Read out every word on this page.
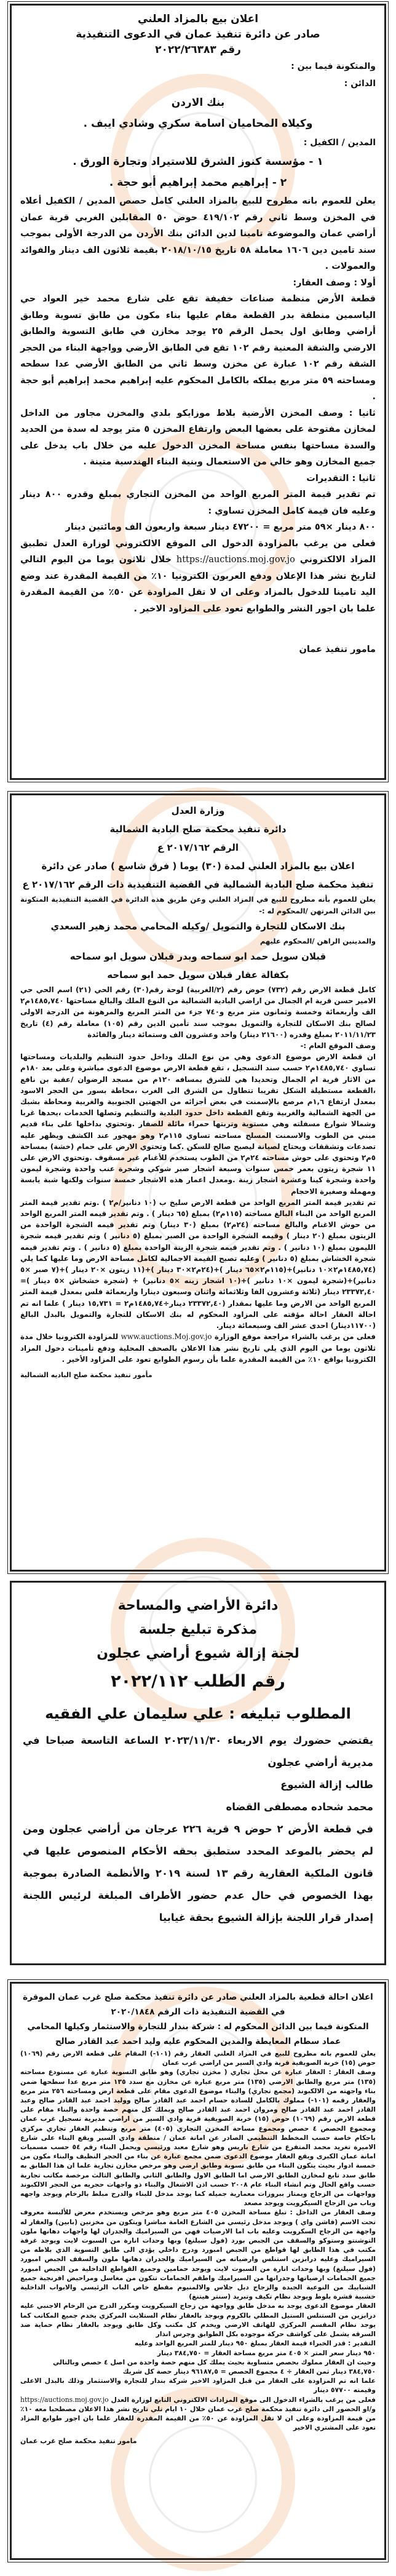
اعلان بيع بالمزاد العلني
صادر عن دائرة تنفيذ عمان في الدعوى التنفيذية
رقم ٢٠٢٢/٢٦٣٨٣
والمتكونة فيما بين :
الدائن :
بنك الاردن
وكيلاه المحاميان اسامة سكري وشادي ايبف .
المدين / الكفيل :
١ - مؤسسة كنوز الشرق للاستيراد وتجارة الورق .
٢ - إبراهيم محمد إبراهيم أبو حجة .

يعلن للعموم بانه مطروح للبيع بالمزاد العلني كامل حصص المدين / الكفيل أعلاه في المخزن وسط ثاني رقم ٤١٩/١٠٢ حوض ٥٠ المقابلين الغربي قرية عمان أراضي عمان والموضوعة تامينا لدين الدائن بنك الأردن من الدرجة الأولى بموجب سند تامين دين ١٦٠٦ معاملة ٥٨ تاريخ ٢٠١٨/١٠/١٥ بقيمة ثلاثون الف دينار والفوائد والعمولات .

أولا : وصف العقار:

قطعة الأرض منظمة صناعات خفيفة تقع على شارع محمد خير العواد حي الياسمين منطقة بدر القطعة مقام عليها بناء مكون من طابق تسوية وطابق أراضي وطابق اول يحمل الرقم ٢٥ يوجد مخازن في طابق التسوية والطابق الارضي والشقة المعنية رقم ١٠٢ تقع في الطابق الأرضي وواجهة البناء من الحجر الشقة رقم ١٠٢ عبارة عن مخزن وسط ثاني من الطابق الأرضي عدا سطحه ومساحته ٥٩ متر مربع يملكه بالكامل المحكوم عليه إبراهيم محمد إبراهيم أبو حجة .

ثانيا : وصف المخزن الأرضية بلاط موزايكو بلدي والمخزن مجاور من الداخل لمخازن مفتوحة على بعضها البعض وارتفاع المخزن ٥ متر يوجد له سدة من الحديد والسدة مساحتها بنفس مساحة المخزن الدخول عليه من خلال باب يدخل على جميع المخازن وهو خالي من الاستعمال وبنية البناء الهندسية متينة .

ثانيا : التقديرات

تم تقدير قيمة المتر المربع الواحد من المخزن التجاري بمبلغ وقدره ٨٠٠ دينار وعليه فان قيمة كامل المخزن تساوي :

٨٠٠ دينار ×٥٩ متر مربع = ٤٧٢٠٠ دينار سبعة واربعون الف ومائتين دينار

فعلى من يرغب بالمزاودة الدخول الى الموقع الالكتروني لوزارة العدل تطبيق المزاد الالكتروني https://auctions.moj.gov.jo خلال ثلاثون يوما من اليوم التالي لتاريخ نشر هذا الإعلان ودفع العربون الكترونيا ١٠٪ من القيمة المقدرة عند وضع اليد تامينا للدخول بالمزاد وعلى ان لا تقل المزاودة عن ٥٠٪ من القيمة المقدرة علما بان اجور النشر والطوابع تعود على المزاود الاخير .

مامور تنفيذ عمان

وزارة العدل
دائرة تنفيذ محكمة صلح البادية الشمالية
الرقم ٢٠١٧/١٦٢ ع
اعلان بيع بالمزاد العلني لمدة (٣٠) يوما ( فرق شاسع ) صادر عن دائرة
تنفيذ محكمة صلح البادية الشمالية في القضية التنفيذية ذات الرقم ٢٠١٧/١٦٢ ع

يعلن للعموم بأنه مطروح للبيع في المزاد العلني وعن طريق هذه الدائرة في القضية التنفيذية المتكونة بين الدائن المرتهن /المحكوم له :-

بنك الاسكان للتجارة والتمويل /وكيله المحامي محمد زهير السعدي

والمدينين الراهن /المحكوم عليهم

قبلان سويل حمد ابو سماحه وبدر قبلان سويل ابو سماحه
بكفالة عقار قبلان سويل حمد ابو سماحه

كامل قطعة الارض رقم (٧٣٢) حوض رقم (٢/الغربية) لوحة رقم(٣٠) رقم الحي (٢١) اسم الحي حي الامير حسن قرية ام الجمال من اراضي البادية الشمالية من النوع الملك والبالغ مساحتها ١٤٨٥,٧٤٠م٢ الف وأربعمائة وخمسة وثمانون متر مربع و٧٤٠ جزء من المتر المربع والمرهونة من الدرجة الاولى لصالح بنك الاسكان للتجارة والتمويل بموجب سند تأمين الدين رقم (١٠٥) معاملة رقم (٤) تاريخ ٢٠١١/١١/٢٣ بمبلغ وقدره (٢١٦٠٠ دينار) واحد وعشرون الف وستمائة دينار والفائدة

وصف الموقع العام :-

ان قطعة الارض موضوع الدعوى وهي من نوع الملك وداخل حدود التنظيم والبلديات ومساحتها تساوي ١٤٨٥,٧٤٠م٢ حسب سند التسجيل ، تقع قطعة الارض موضوع الدعوى مباشرة وعلى بعد ١٨٠م من الاثار قرية ام الجمال وتحديدا هي للشرق بمسافه ١٢٠م من مسجد الرضوان /عقبة بن نافع ،القطعة مستطيلة الشكل تقريبا تتطاول من الشرق الى الغرب ،محاطة بسور من الحجر الاسود بمعدل ارتفاع ١,٦م مرصع بالإسمنت في بعض أجزائه من الجهتين الجنوبية والغربية ومحاطة بشبك من الجهة الشمالية والغربية وتقع القطعة داخل حدود البلدية والتنظيم وتصلها الخدمات ،يحدها غربا وشمالا شوارع مسفلته وهي مستوية وتربتها حمراء مائلة للصفار .وتحتوي بداخلها على بناء قديم مبني من الطوب والاسمنت المسلح مساحته تساوي ١١٥م٢ وهو مهجور عند الكشف ويظهر عليه تصدعات وتشققات ويحتاج لصيانة ليصبح صالح للسكن .كما وتحتوي الارض على حمام (خشة) بمساحة ٥م٢ وتحتوي على حوش مساحته ٢٤م٢ من الطوب يستخدم للأغنام غير مسقوف .وتحتوي الارض على ١١ شجرة زيتون بعمر خمس سنوات وسبعة اشجار صبر شوكي وشجرة عنب واحدة وشجرة ليمون واحدة وشجرة كينا وعشرة اشجار زينة .ومعدل اعمار هذه الاشجار خمسة سنوات ولكنها شبة يابسة ومهملة وصغيرة الاحجام

تم تقدير قيمة المتر المربع الواحد من قطعة الارض سليخ ب (١٠ دنانير/م٢ ) .وتم تقدير قيمة المتر المربع الواحد من البناء البالغ مساحته (١١٥م٢) بمبلغ (٦٥ دينار ) . وتم تقدير قيمه المتر المربع الواحد من حوش الاغنام والبالغ مساحته (٢٤م٢) بمبلغ (٣٠ دينار) وتم تقدير قيمه الشجرة الواحدة من الزيتون بمبلغ (٢٠ دينار ) وقيمه الشجرة الواحدة من الصبر بمبلغ (٥ دنانير ) وتم تقدير قيمه شجرة الليمون بمبلغ (١٠ دنانير ) . وتم تقدير قيمه شجرة الزينة الواحدة بمبلغ (٥ دنانير ) . وتم تقدير قيمه شجرة الخشاش بمبلغ (٥ دنانير ) وعليه تصبح القيمة الاجمالية لكامل مساحة الارض وما عليها كما يلي (١٤٨٥,٧٤م٢×١٠ دنانير)+(١١٥م٢×٦٥ دينار )+(٢٤م٢×٣٠ دينار )+(١١ زيتون ×٢٠ دينار )+(٧ صبر ×٥ دنانير)+(شجرة ليمون ×١٠ دنانير )+(١٠ اشجار زينه ×٥ دنانير) + (شجرة خشخاش ×٥ دينار )= ٢٣٣٧٢,٤٠ دينار (ثلاثة وعشرون الفا وثلاثمائة واثنان وسبعون دينارا واربعمائة فلس بمعدل قيمة المتر المربع الواحد من الارض وما عليها بمقدار (٢٣٣٧٢,٤٠ دينار÷١٤٨٥,٧٤م٢ = ١٥,٧٣١ دينار ) علما انه تم احالة العقار احالة مؤقته على المزاود المحكوم له بنك الاسكان للتجارة والتمويل بالبدل البالغ (١١٧٠٠دينار) احدى عشر الف وسبعمائة دينار.

فعلى من يرغب بالشراء مراجعة موقع الوزارة www.auctions.Moj.gov.jo للمزاودة الكترونيا خلال مدة ثلاثون يوما من اليوم الذي يلي تاريخ نشر هذا الاعلان بالصحف المحلية ودفع تأمينات دخول المزاد الكترونيا بواقع ١٠٪ من القيمة المقدرة علما بأن رسوم الطوابع تعود على المزاود الأخير .

مأمور تنفيذ محكمة صلح الباديه الشمالية
دائرة الأراضي والمساحة
مذكرة تبليغ جلسة
لجنة إزالة شيوع أراضي عجلون
رقم الطلب ٢٠٢٢/١١٢
المطلوب تبليغه : علي سليمان علي الفقيه

يقتضي حضورك يوم الاربعاء ٢٠٢٣/١١/٣٠ الساعة التاسعة صباحا في مديرية أراضي عجلون

طالب إزالة الشيوع

محمد شحاده مصطفى القضاه

في قطعة الأرض ٢ حوض ٩ قرية ٢٢٦ عرجان من أراضي عجلون ومن لم يحضر بالموعد المحدد ستطبق بحقه الأحكام المنصوص عليها في قانون الملكية العقارية رقم ١٣ لسنة ٢٠١٩ والأنظمة الصادرة بموجبة بهذا الخصوص في حال عدم حضور الأطراف المبلغة لرئيس اللجنة إصدار قرار اللجنة بإزالة الشيوع بحقة غيابيا

اعلان احالة قطعية بالمزاد العلني صادر عن دائرة تنفيذ محكمة صلح غرب عمان الموقرة
في القضية التنفيذية ذات الرقم ٢٠٢٠/١٨٤٨
المتكونة فيما بين الدائن المحكوم له : شركة بندار للتجارة والاستثمار وكيلها المحامي عماد سطام المعايطة والمدين المحكوم عليه وليد احمد عبد القادر صالح

يعلن للعموم بانه مطروح للبيع في المزاد العلني العقار رقم (١٠١-) المقام على قطعة الارض رقم (١٠٦٩) حوض (١٥) خربة الصويفية قرية وادي السير من اراضي غرب عمان

وصف العقار : العقار عبارة عن محل تجاري ( مخزن تجاري) وهو طابق التسوية عبارة عن مستودع مساحته (١٣٥) متر مربع والطابق الارضي (١٣٥) متر مربع عبارة عن مخازن مع سدد ١٣٥ متر مربع عدا سطحها ضمن بناء واجهته من الالكبوند (مجمع تجاري) والبناء موضوع الدعوى مقام على قطعة ارض ومساحته ٢٥٦ متر مربع والعقار رقمه (١٠١-) مملوك بالكامل للسادة حسام احمد عبد القادر صالح ووليد احمد عبد القادر صالح وعبد القادر احمد عبد القادر صالح ومروان احمد عبد القادر صالح ويملك كل منهم حصة واحدة والبناء مقام على قطعة الارض رقم (١٠٦٩) حوض (١٥) خربة الصويفية قرية وادي السير من اراضي مديرية تسجيل غرب عمان ومجموع الحصص ٤ حصص ومجموع مساحة المخزن التجاري (٤٠٥) متر مربع وتنظيم العقار تجاري مركزي باحكام خاصة حسب المخطط التنظيمي الصادر عن امانة عمان / منطقة وادي السير ويقع البناء على شارع الاميرة تغريد محمد المتفرع من شارع باريس وهو شارع معبد ورئيسي ويحمل البناء رقم ٥٤ حسب مسميات امانة عمان الكبرى ويقع العقار موضوع الدعوى ضمن مجمع عبارة عن بناء من الحجر النظيف والبناء مكون من خمسة ادوار بحيث يتكون البناء من طابق تسوية وطابق ارضي وهو مرخص مخازن تجارية علما ان هذا الطابق به طابق سدد تابع لمخازن الطابق الارضي اما الطابق الاول والطابق الثاني والطابق الثالث مرخصة مكاتب تجارية حسب واقع الحال وتم انشاء البناء عام ٢٠٠٨ حسب اذن الاشغال والبناء ذو واجهات حجريه من الحجر الالكبوند وواجهات من الزجاج ويمتاز ببروزات معمارية جميله كما يوجد مدخل للبناء والدرج مبلط بالرخام ويوجد واجهه وباب من الزجاج السيكرويت ويوجد مصعد

وصف العقار من الداخل : تبلغ مساحة المخزن ٤٠٥ متر مربع وهو مرخص ويستخدم معرض للألبسة معروف تحت الاسم (فاشن واي ) ويوجد مدخل رئيسي من الشارع العامة مباشرا ويتكون من مخزنين (بابين) والعقار له واجهة من الزجاج السكرويت وعليه باب اما الارضيات فهي من السيراميك والجدران لها واجهات دهانها ملون التوشنتو وستوكو والسقف من الجبص بورد (فول سيلنغ) وبها وحدات انارة من السبوت لايت ويوجد غرفة مكتب في هذا الطابق لها قواطع من الجبص امبورد ودرج داخلي يؤدي الى طابق التسوية الذي بلاطه من السيراميك وعليه درابزين استنلس وارضياته من السيراميك والجدران دهانها ملون والسقف الجبص امبورد (فول سيلنغ) وبها وحدات انارة من السبوت لايت ويوجد حمامين وجميع القواطع الداخلية من الجبص امبورد جميع الحمامات ارضياتها وجدرانها من السيراميك واطقم الحمامات تتكون من مغاسل ومراحيض افرنجية جميع الشبابيك من النوعية الجيدة والزجاج دبل جلاس والالمنيوم مقطع خاص الباب الرئيسي والابواب الداخلية خشبية قشرة بلوط ويوجد نظام تكيف وتبريد (سنتر هيتنغ)

العقار موضوع الدعوى يوجد به مدخل طابق وواجهة من زجاج السيكرويت ومكرر الدرج من الرخام الاجنبي عليه درابزين من الستنلس الستيل المطلي بالكروم ويوجد بالعقار نظام الستلايت المركزي يخدم جميع المكاتب كما يوجد نظام المقسم المركزي للهاتف الارضي ويخدم كل مكتب وكل طابق ويوجد بالعقار نظام حماية ضد السرقه يشمل على كواشف حركة موجوده بكل الطوابق وجرس انذار

التقدير : قدر الخبراء قيمة العقار بمبلغ ٩٥٠ دينار للمتر المربع الواحد وعليه

٩٥٠ دينار سعر المتر × ٤٠٥ متر مربع مساحة العقار = ٣٨٤,٧٥٠ دينار

وحيث ان العقار مملوك بحصص متساوية بحيث يملك كل منهم حصة واحدة من اصل ٤ حصص وبالتالي

٣٨٤,٧٥٠ دينار ثمن العقار ÷ ٤ مجموع الحصص = ٩٦١٨٧,٥ دينار حصة كل شريك

علما انه تم المزاودة على العقار من قبل المزاود الاخير شركة بندار للتجارة والاستثمار وذلك بالبدل الاعلى وقيمته ٥٧٧٠٠ دينار

فعلى من يرغب بالشراء الدخول الى موقع المزادات الالكتروني التابع لوزارة العدل https://auctions.moj.gov.jo و/او الحضور الى دائرة تنفيذ محكمة صلح غرب عمان خلال ١٠ ايام تلي تاريخ نشر هذا الاعلان مصطحبا معه ١٠٪ من قيمة المزاودة وعلى ان لا تقل المزاودة عن ٥٠٪ من القيمة المقدرة للعقار علما بان اجور طوابع المزاد تعود على المشتري الاخير

مامور تنفيذ محكمة صلح غرب عمان
